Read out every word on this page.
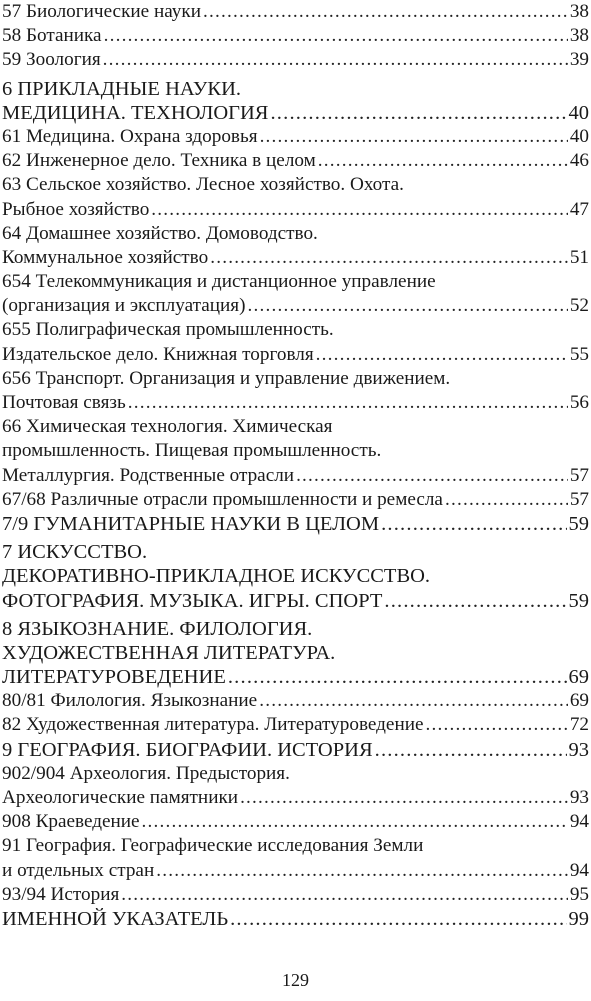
57 Биологические науки .....	38
58 Ботаника .....	38
59 Зоология .....	39
6 ПРИКЛАДНЫЕ НАУКИ.
МЕДИЦИНА. ТЕХНОЛОГИЯ .....	40
61 Медицина. Охрана здоровья .....	40
62 Инженерное дело. Техника в целом .....	46
63 Сельское хозяйство. Лесное хозяйство. Охота.
Рыбное хозяйство .....	47
64 Домашнее хозяйство. Домоводство.
Коммунальное хозяйство .....	51
654 Телекоммуникация и дистанционное управление
(организация и эксплуатация) .....	52
655 Полиграфическая промышленность.
Издательское дело. Книжная торговля .....	55
656 Транспорт. Организация и управление движением.
Почтовая связь .....	56
66 Химическая технология. Химическая
промышленность. Пищевая промышленность.
Металлургия. Родственные отрасли .....	57
67/68 Различные отрасли промышленности и ремесла .....	57
7/9 ГУМАНИТАРНЫЕ НАУКИ В ЦЕЛОМ .....	59
7 ИСКУССТВО.
ДЕКОРАТИВНО-ПРИКЛАДНОЕ ИСКУССТВО.
ФОТОГРАФИЯ. МУЗЫКА. ИГРЫ. СПОРТ .....	59
8 ЯЗЫКОЗНАНИЕ. ФИЛОЛОГИЯ.
ХУДОЖЕСТВЕННАЯ ЛИТЕРАТУРА.
ЛИТЕРАТУРОВЕДЕНИЕ .....	69
80/81 Филология. Языкознание .....	69
82 Художественная литература. Литературоведение .....	72
9 ГЕОГРАФИЯ. БИОГРАФИИ. ИСТОРИЯ .....	93
902/904 Археология. Предыстория.
Археологические памятники .....	93
908 Краеведение .....	94
91 География. Географические исследования Земли
и отдельных стран .....	94
93/94 История .....	95
ИМЕННОЙ УКАЗАТЕЛЬ .....	99
129
